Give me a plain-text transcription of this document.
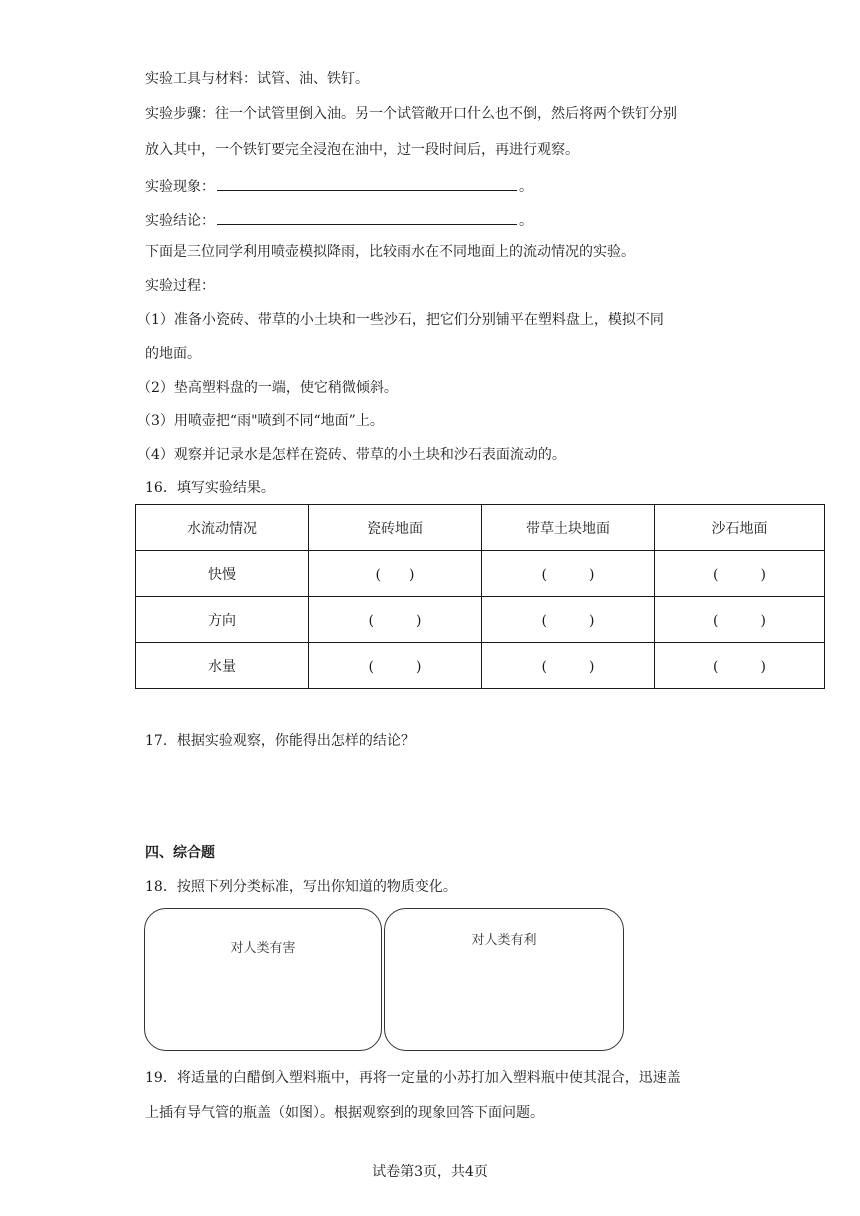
实验工具与材料：试管、油、铁钉。
实验步骤：往一个试管里倒入油。另一个试管敞开口什么也不倒，然后将两个铁钉分别
放入其中，一个铁钉要完全浸泡在油中，过一段时间后，再进行观察。
实验现象：	。
实验结论：	。
下面是三位同学利用喷壶模拟降雨，比较雨水在不同地面上的流动情况的实验。
实验过程：
（1）准备小瓷砖、带草的小土块和一些沙石，把它们分别铺平在塑料盘上，模拟不同
的地面。
（2）垫高塑料盘的一端，使它稍微倾斜。
（3）用喷壶把“雨"喷到不同“地面”上。
（4）观察并记录水是怎样在瓷砖、带草的小土块和沙石表面流动的。
16．填写实验结果。
水流动情况	瓷砖地面	带草土块地面	沙石地面
快慢	(　　)	(　　　)	(　　　)
方向	(　　　)	(　　　)	(　　　)
水量	(　　　)	(　　　)	(　　　)
17．根据实验观察，你能得出怎样的结论？
四、综合题
18．按照下列分类标准，写出你知道的物质变化。
对人类有害
对人类有利
19．将适量的白醋倒入塑料瓶中，再将一定量的小苏打加入塑料瓶中使其混合，迅速盖
上插有导气管的瓶盖（如图）。根据观察到的现象回答下面问题。
试卷第3页，共4页
